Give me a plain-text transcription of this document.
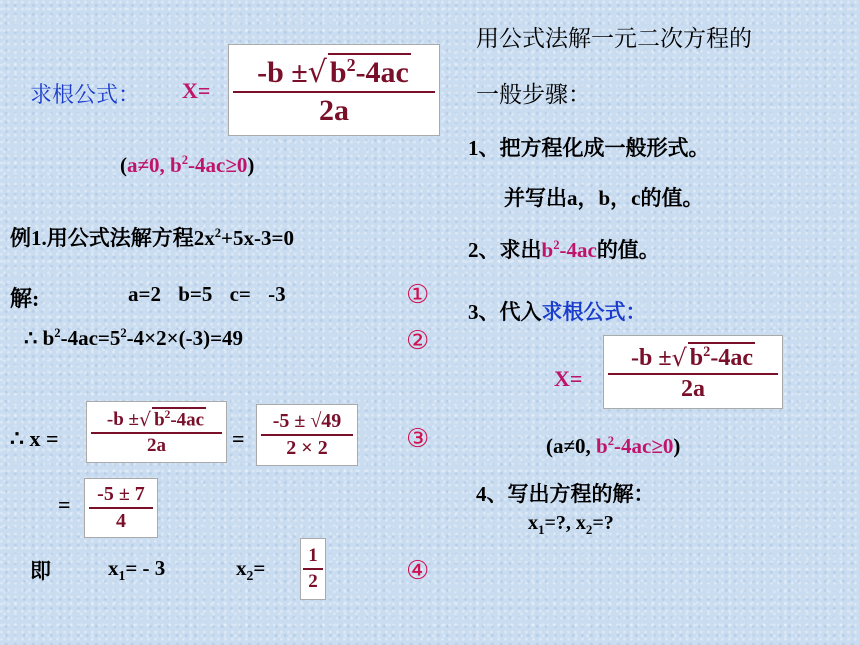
求根公式： X=
-b ± √ $b^2-4ac$
2a
(a≠0, $b^2-4ac\ge 0$)
例1.用公式法解方程$2x^2+5x-3=0$
解:	a=2 b=5 c= -3
∴ $b^2-4ac=5^2-4\times 2\times(-3)=49$
∴ x =
-b ± √ $b^2-4ac$
2a	=
-5 ± √49
2 × 2
= -5 ± 7
4
即	$x_1= - 3$	$x_2=$
1
2
①
②
③
④
用公式法解一元二次方程的
一般步骤：
1、把方程化成一般形式。
并写出a，b，c的值。
2、求出$b^2-4ac$的值。
3、代入求根公式：
X=
-b ± √ $b^2-4ac$
2a
(a≠0, $b^2-4ac\ge 0$)
4、写出方程的解：
$x_1=$?, $x_2=$?
